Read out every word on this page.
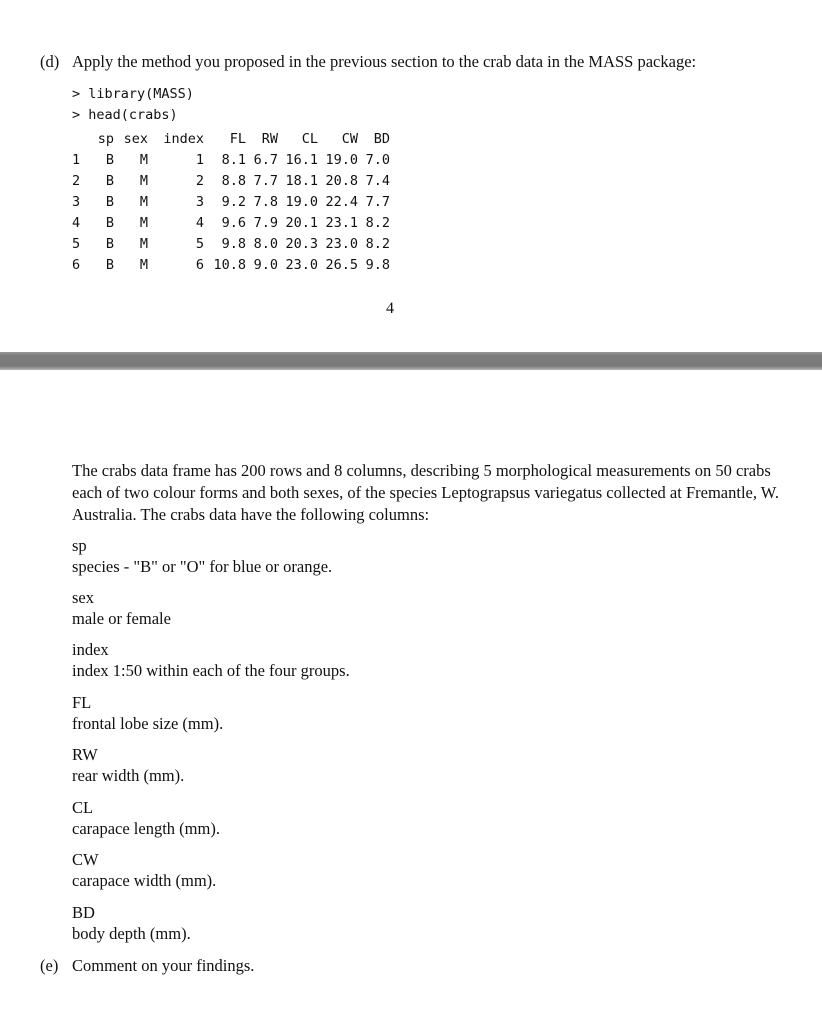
(d) Apply the method you proposed in the previous section to the crab data in the MASS package:
> library(MASS)
> head(crabs)
	sp	sex	index	FL	RW	CL	CW	BD
1	B	M	1	8.1	6.7	16.1	19.0	7.0
2	B	M	2	8.8	7.7	18.1	20.8	7.4
3	B	M	3	9.2	7.8	19.0	22.4	7.7
4	B	M	4	9.6	7.9	20.1	23.1	8.2
5	B	M	5	9.8	8.0	20.3	23.0	8.2
6	B	M	6	10.8	9.0	23.0	26.5	9.8
4
The crabs data frame has 200 rows and 8 columns, describing 5 morphological measurements on 50 crabs each of two colour forms and both sexes, of the species Leptograpsus variegatus collected at Fremantle, W. Australia. The crabs data have the following columns:
sp
species - "B" or "O" for blue or orange.
sex
male or female
index
index 1:50 within each of the four groups.
FL
frontal lobe size (mm).
RW
rear width (mm).
CL
carapace length (mm).
CW
carapace width (mm).
BD
body depth (mm).
(e) Comment on your findings.
